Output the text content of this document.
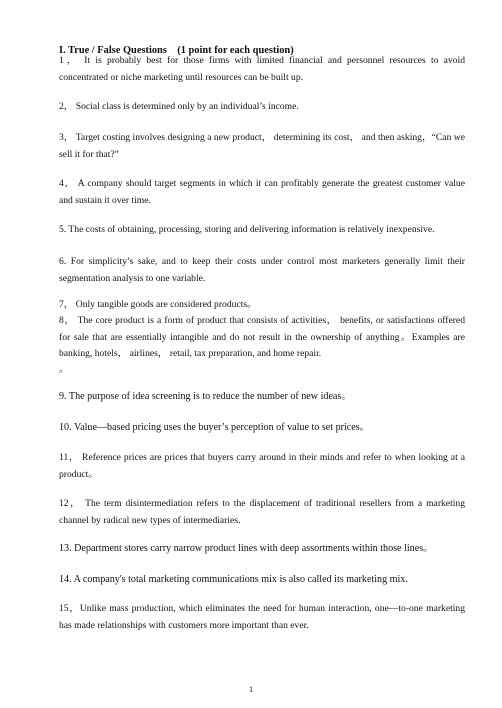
I. True / False Questions　(1 point for each question)
1， It is probably best for those firms with limited financial and personnel resources to avoid concentrated or niche marketing until resources can be built up.
2， Social class is determined only by an individual’s income.
3， Target costing involves designing a new product， determining its cost， and then asking，“Can we sell it for that?”
4， A company should target segments in which it can profitably generate the greatest customer value and sustain it over time.
5. The costs of obtaining, processing, storing and delivering information is relatively inexpensive.
6. For simplicity’s sake, and to keep their costs under control most marketers generally limit their segmentation analysis to one variable.
7， Only tangible goods are considered products。
8， The core product is a form of product that consists of activities， benefits, or satisfactions offered for sale that are essentially intangible and do not result in the ownership of anything。Examples are banking, hotels， airlines， retail, tax preparation, and home repair.
。
9. The purpose of idea screening is to reduce the number of new ideas。
10. Value—based pricing uses the buyer’s perception of value to set prices。
11， Reference prices are prices that buyers carry around in their minds and refer to when looking at a product。
12， The term disintermediation refers to the displacement of traditional resellers from a marketing channel by radical new types of intermediaries.
13. Department stores carry narrow product lines with deep assortments within those lines。
14. A company's total marketing communications mix is also called its marketing mix.
15，Unlike mass production, which eliminates the need for human interaction, one—to-one marketing has made relationships with customers more important than ever.
1
